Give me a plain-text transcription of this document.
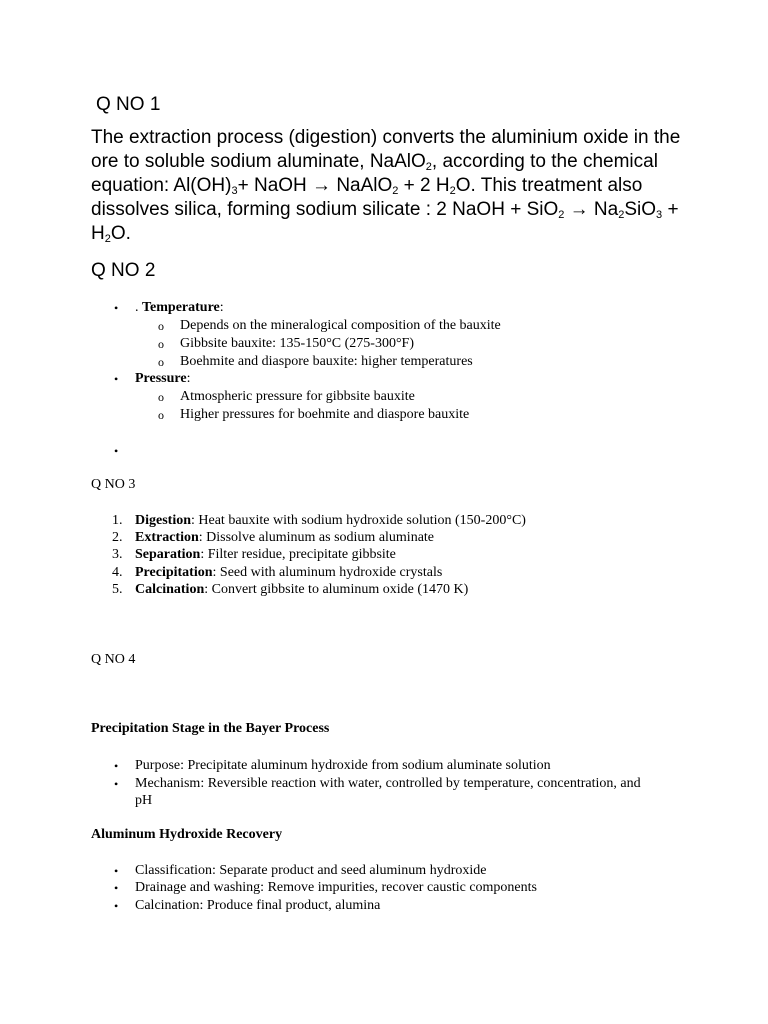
Q NO 1
The extraction process (digestion) converts the aluminium oxide in the
ore to soluble sodium aluminate, NaAlO$_2$, according to the chemical
equation: $Al(OH)_3+$ NaOH → NaAlO$_2$ + 2 $H_2O$. This treatment also
dissolves silica, forming sodium silicate : 2 NaOH + $SiO_2 \to Na_2SiO_3$ +
$H_2O$.
Q NO 2
• . Temperature:
o Depends on the mineralogical composition of the bauxite
o Gibbsite bauxite: 135-150°C (275-300°F)
o Boehmite and diaspore bauxite: higher temperatures
• Pressure:
o Atmospheric pressure for gibbsite bauxite
o Higher pressures for boehmite and diaspore bauxite
•
Q NO 3
1. Digestion: Heat bauxite with sodium hydroxide solution (150-200°C)
2. Extraction: Dissolve aluminum as sodium aluminate
3. Separation: Filter residue, precipitate gibbsite
4. Precipitation: Seed with aluminum hydroxide crystals
5. Calcination: Convert gibbsite to aluminum oxide (1470 K)
Q NO 4
Precipitation Stage in the Bayer Process
• Purpose: Precipitate aluminum hydroxide from sodium aluminate solution
• Mechanism: Reversible reaction with water, controlled by temperature, concentration, and
pH
Aluminum Hydroxide Recovery
• Classification: Separate product and seed aluminum hydroxide
• Drainage and washing: Remove impurities, recover caustic components
• Calcination: Produce final product, alumina
